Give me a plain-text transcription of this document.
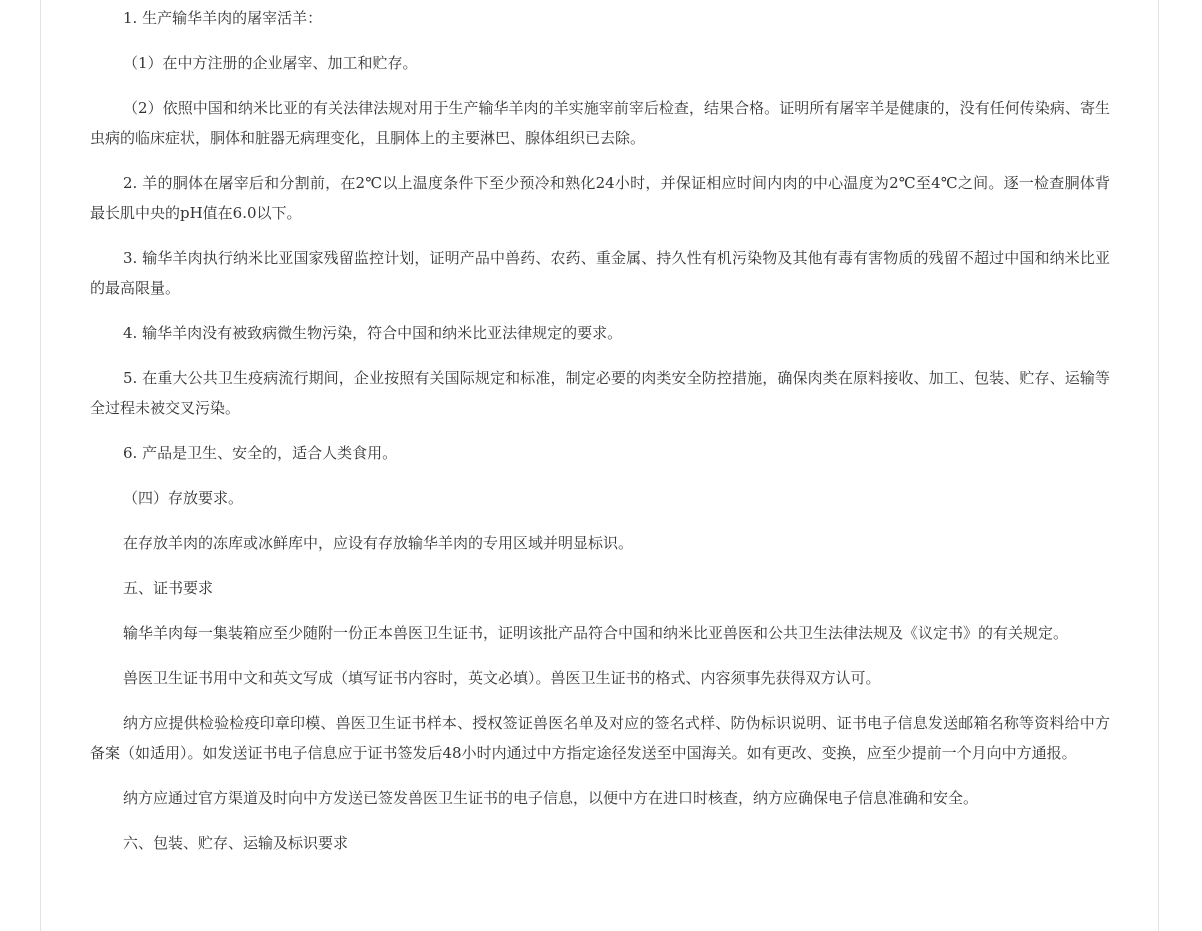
1. 生产输华羊肉的屠宰活羊：

（1）在中方注册的企业屠宰、加工和贮存。

（2）依照中国和纳米比亚的有关法律法规对用于生产输华羊肉的羊实施宰前宰后检查，结果合格。证明所有屠宰羊是健康的，没有任何传染病、寄生虫病的临床症状，胴体和脏器无病理变化，且胴体上的主要淋巴、腺体组织已去除。

2. 羊的胴体在屠宰后和分割前，在2℃以上温度条件下至少预冷和熟化24小时，并保证相应时间内肉的中心温度为2℃至4℃之间。逐一检查胴体背最长肌中央的pH值在6.0以下。

3. 输华羊肉执行纳米比亚国家残留监控计划，证明产品中兽药、农药、重金属、持久性有机污染物及其他有毒有害物质的残留不超过中国和纳米比亚的最高限量。

4. 输华羊肉没有被致病微生物污染，符合中国和纳米比亚法律规定的要求。

5. 在重大公共卫生疫病流行期间，企业按照有关国际规定和标准，制定必要的肉类安全防控措施，确保肉类在原料接收、加工、包装、贮存、运输等全过程未被交叉污染。

6. 产品是卫生、安全的，适合人类食用。

（四）存放要求。

在存放羊肉的冻库或冰鲜库中，应设有存放输华羊肉的专用区域并明显标识。

五、证书要求

输华羊肉每一集装箱应至少随附一份正本兽医卫生证书，证明该批产品符合中国和纳米比亚兽医和公共卫生法律法规及《议定书》的有关规定。

兽医卫生证书用中文和英文写成（填写证书内容时，英文必填）。兽医卫生证书的格式、内容须事先获得双方认可。

纳方应提供检验检疫印章印模、兽医卫生证书样本、授权签证兽医名单及对应的签名式样、防伪标识说明、证书电子信息发送邮箱名称等资料给中方备案（如适用）。如发送证书电子信息应于证书签发后48小时内通过中方指定途径发送至中国海关。如有更改、变换，应至少提前一个月向中方通报。

纳方应通过官方渠道及时向中方发送已签发兽医卫生证书的电子信息，以便中方在进口时核查，纳方应确保电子信息准确和安全。

六、包装、贮存、运输及标识要求
